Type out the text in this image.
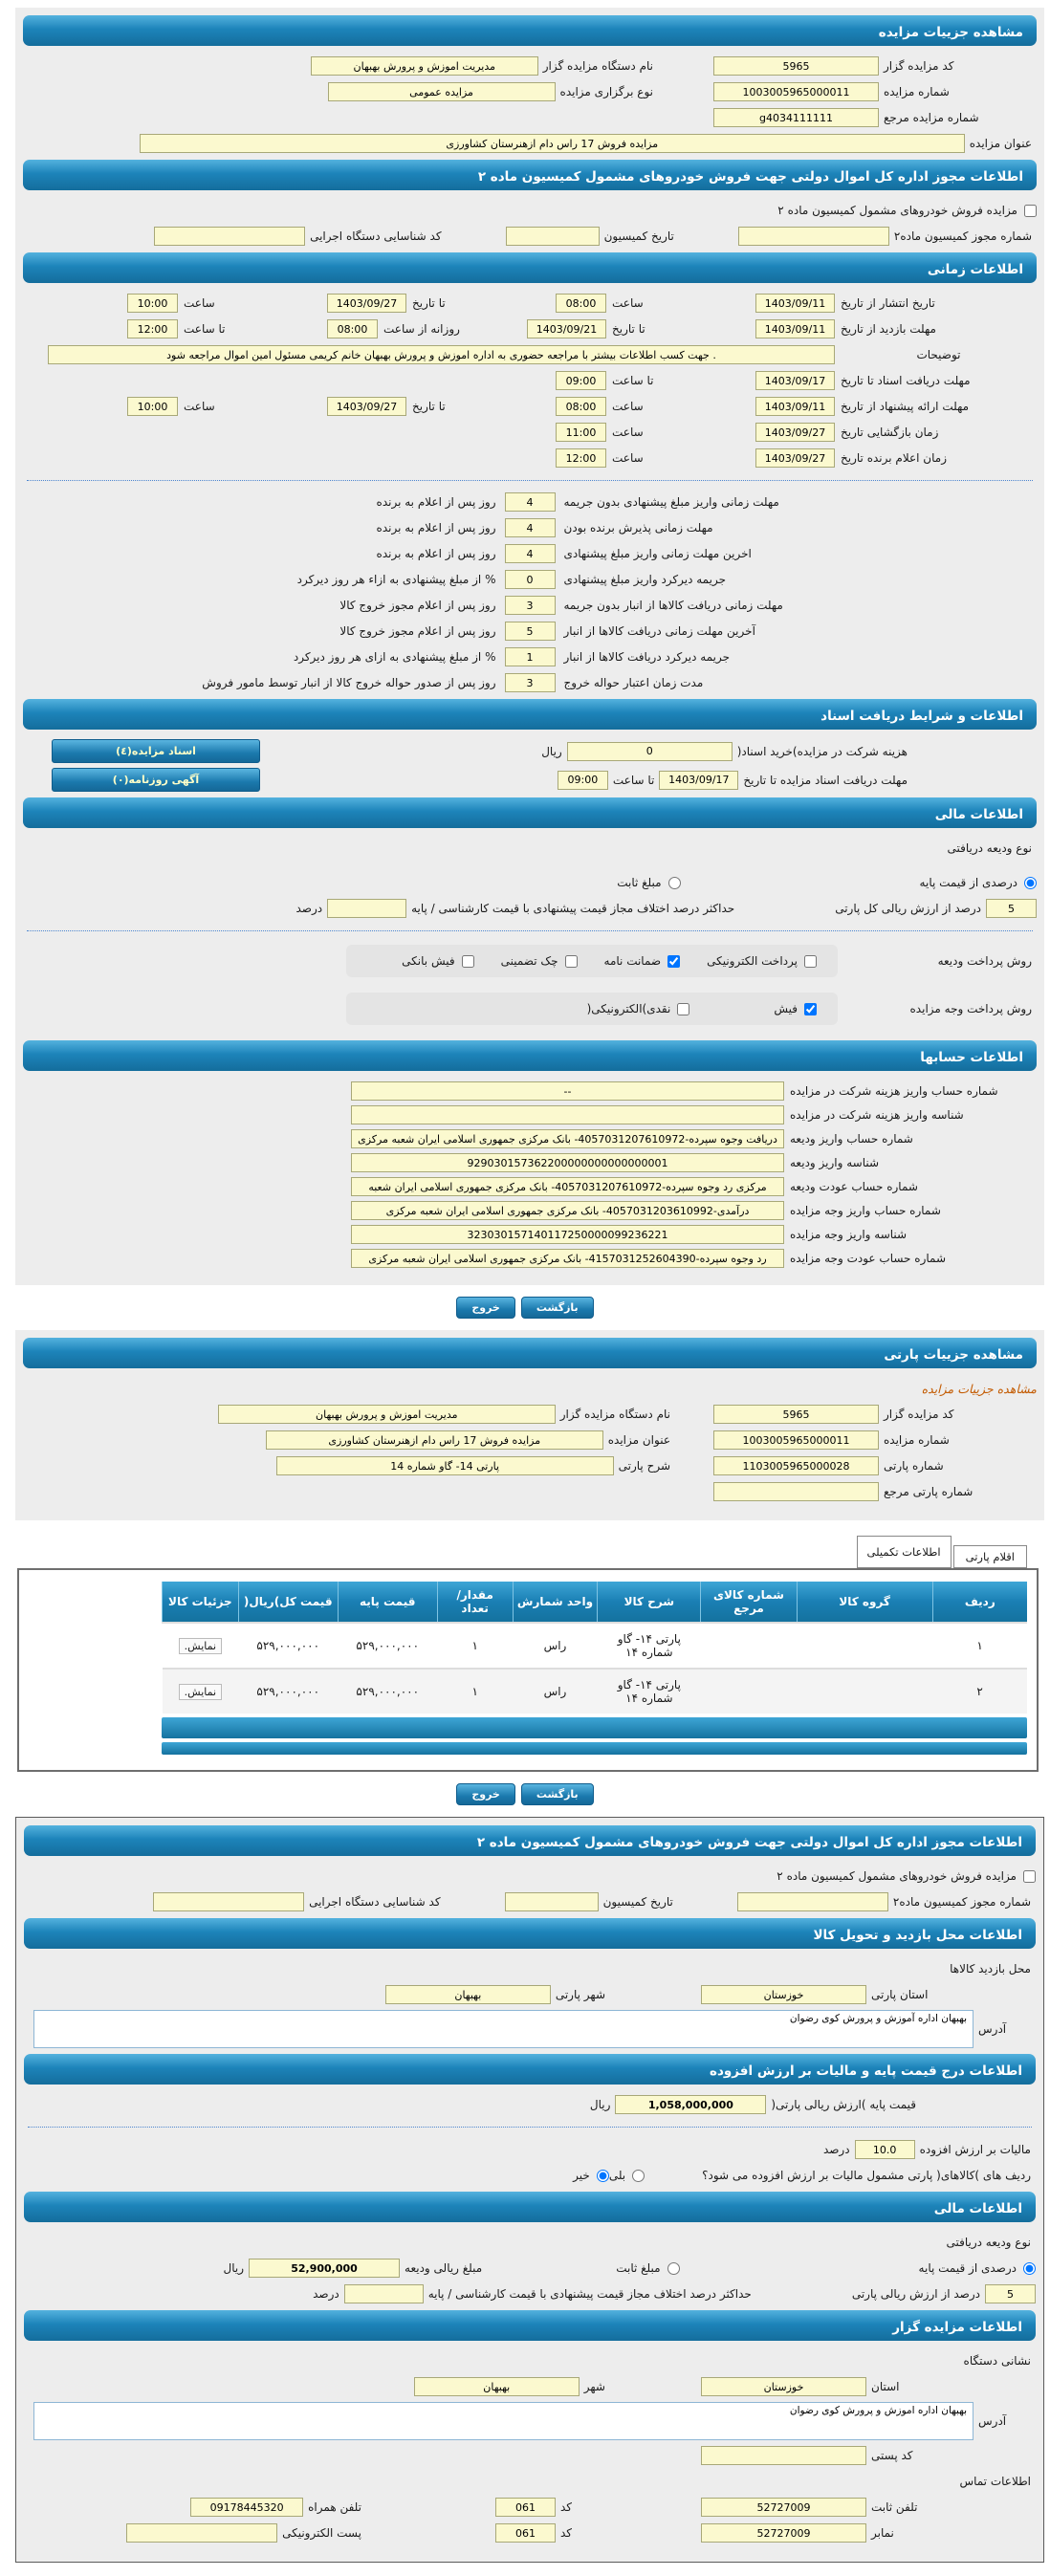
مشاهده جزییات مزایده
کد مزایده گزار
5965
نام دستگاه مزایده گزار
مدیریت اموزش و پرورش بهبهان
شماره مزایده
1003005965000011
نوع برگزاری مزایده
مزایده عمومی
شماره مزایده مرجع
g4034111111
عنوان مزایده
مزایده فروش 17 راس دام ازهنرستان کشاورزی
اطلاعات مجوز اداره کل اموال دولتی جهت فروش خودروهای مشمول کمیسیون ماده ۲
مزایده فروش خودروهای مشمول کمیسیون ماده ۲
شماره مجوز کمیسیون ماده۲
تاریخ کمیسیون
کد شناسایی دستگاه اجرایی
اطلاعات زمانی
تاریخ انتشار از تاریخ
1403/09/11
ساعت
08:00
تا تاریخ
1403/09/27
ساعت
10:00
مهلت بازدید از تاریخ
1403/09/11
تا تاریخ
1403/09/21
روزانه از ساعت
08:00
تا ساعت
12:00
توضیحات
. جهت کسب اطلاعات بیشتر با مراجعه حضوری به اداره اموزش و پرورش بهبهان خانم کریمی مسئول امین اموال مراجعه شود
مهلت دریافت اسناد تا تاریخ
1403/09/17
تا ساعت
09:00
مهلت ارائه پیشنهاد از تاریخ
1403/09/11
ساعت
08:00
تا تاریخ
1403/09/27
ساعت
10:00
زمان بازگشایی تاریخ
1403/09/27
ساعت
11:00
زمان اعلام برنده تاریخ
1403/09/27
ساعت
12:00
مهلت زمانی واریز مبلغ پیشنهادی بدون جریمه
4
روز پس از اعلام به برنده
مهلت زمانی پذیرش برنده بودن
4
روز پس از اعلام به برنده
اخرین مهلت زمانی واریز مبلغ پیشنهادی
4
روز پس از اعلام به برنده
جریمه دیرکرد واریز مبلغ پیشنهادی
0
% از مبلغ پیشنهادی به ازاء هر روز دیرکرد
مهلت زمانی دریافت کالاها از انبار بدون جریمه
3
روز پس از اعلام مجوز خروج کالا
آخرین مهلت زمانی دریافت کالاها از انبار
5
روز پس از اعلام مجوز خروج کالا
جریمه دیرکرد دریافت کالاها از انبار
1
% از مبلغ پیشنهادی به ازای هر روز دیرکرد
مدت زمان اعتبار حواله خروج
3
روز پس از صدور حواله خروج کالا از انبار توسط مامور فروش
اطلاعات و شرایط دریافت اسناد
هزینه شرکت در مزایده)خرید اسناد(
0
ریال
اسناد مزایده(٤)
مهلت دریافت اسناد مزایده تا تاریخ
1403/09/17
تا ساعت
09:00
آگهی روزنامه(٠)
اطلاعات مالی
نوع ودیعه دریافتی
درصدی از قیمت پایه
مبلغ ثابت
5
درصد از ارزش ریالی کل پارتی
حداکثر درصد اختلاف مجاز قیمت پیشنهادی با قیمت کارشناسی / پایه
درصد
روش پرداخت ودیعه
پرداخت الکترونیکی
ضمانت نامه
چک تضمینی
فیش بانکی
روش پرداخت وجه مزایده
فیش
نقدی)الکترونیکی(
اطلاعات حسابها
شماره حساب واریز هزینه شرکت در مزایده
--
شناسه واریز هزینه شرکت در مزایده
شماره حساب واریز ودیعه
دریافت وجوه سپرده-4057031207610972- بانک مرکزی جمهوری اسلامی ایران شعبه مرکزی
شناسه واریز ودیعه
929030157362200000000000000001
شماره حساب عودت ودیعه
مرکزی رد وجوه سپرده-4057031207610972- بانک مرکزی جمهوری اسلامی ایران شعبه
شماره حساب واریز وجه مزایده
درآمدی-4057031203610992- بانک مرکزی جمهوری اسلامی ایران شعبه مرکزی
شناسه واریز وجه مزایده
323030157140117250000099236221
شماره حساب عودت وجه مزایده
رد وجوه سپرده-4157031252604390- بانک مرکزی جمهوری اسلامی ایران شعبه مرکزی
بازگشت
خروج
مشاهده جزییات پارتی
مشاهده جزییات مزایده
کد مزایده گزار
5965
نام دستگاه مزایده گزار
مدیریت اموزش و پرورش بهبهان
شماره مزایده
1003005965000011
عنوان مزایده
مزایده فروش 17 راس دام ازهنرستان کشاورزی
شماره پارتی
1103005965000028
شرح پارتی
پارتی 14- گاو شماره 14
شماره پارتی مرجع
اقلام پارتی
اطلاعات تکمیلی
ردیف	گروه کالا	شماره کالای مرجع	شرح کالا	واحد شمارش	مقدار/ تعداد	قیمت پایه	قیمت کل)ریال(	جزئیات کالا
۱			پارتی ۱۴- گاو شماره ۱۴	راس	۱	۵۲۹,۰۰۰,۰۰۰	۵۲۹,۰۰۰,۰۰۰	نمایش.
۲			پارتی ۱۴- گاو شماره ۱۴	راس	۱	۵۲۹,۰۰۰,۰۰۰	۵۲۹,۰۰۰,۰۰۰	نمایش.
بازگشت
خروج
اطلاعات مجوز اداره کل اموال دولتی جهت فروش خودروهای مشمول کمیسیون ماده ۲
مزایده فروش خودروهای مشمول کمیسیون ماده ۲
شماره مجوز کمیسیون ماده۲
تاریخ کمیسیون
کد شناسایی دستگاه اجرایی
اطلاعات محل بازدید و تحویل کالا
محل بازدید کالاها
استان پارتی
خوزستان
شهر پارتی
بهبهان
آدرس
بهبهان اداره آموزش و پرورش کوی رضوان
اطلاعات درج قیمت پایه و مالیات بر ارزش افزوده
قیمت پایه )ارزش ریالی پارتی(
1,058,000,000
ریال
مالیات بر ارزش افزوده
10.0
درصد
ردیف های )کالاهای( پارتی مشمول مالیات بر ارزش افزوده می شود؟
بلی
خیر
اطلاعات مالی
نوع ودیعه دریافتی
درصدی از قیمت پایه
مبلغ ثابت
مبلغ ریالی ودیعه
52,900,000
ریال
5
درصد از ارزش ریالی پارتی
حداکثر درصد اختلاف مجاز قیمت پیشنهادی با قیمت کارشناسی / پایه
درصد
اطلاعات مزایده گزار
نشانی دستگاه
استان
خوزستان
شهر
بهبهان
آدرس
بهبهان اداره اموزش و پرورش کوی رضوان
کد پستی
اطلاعات تماس
تلفن ثابت
52727009
کد
061
تلفن همراه
09178445320
نمابر
52727009
کد
061
پست الکترونیکی
